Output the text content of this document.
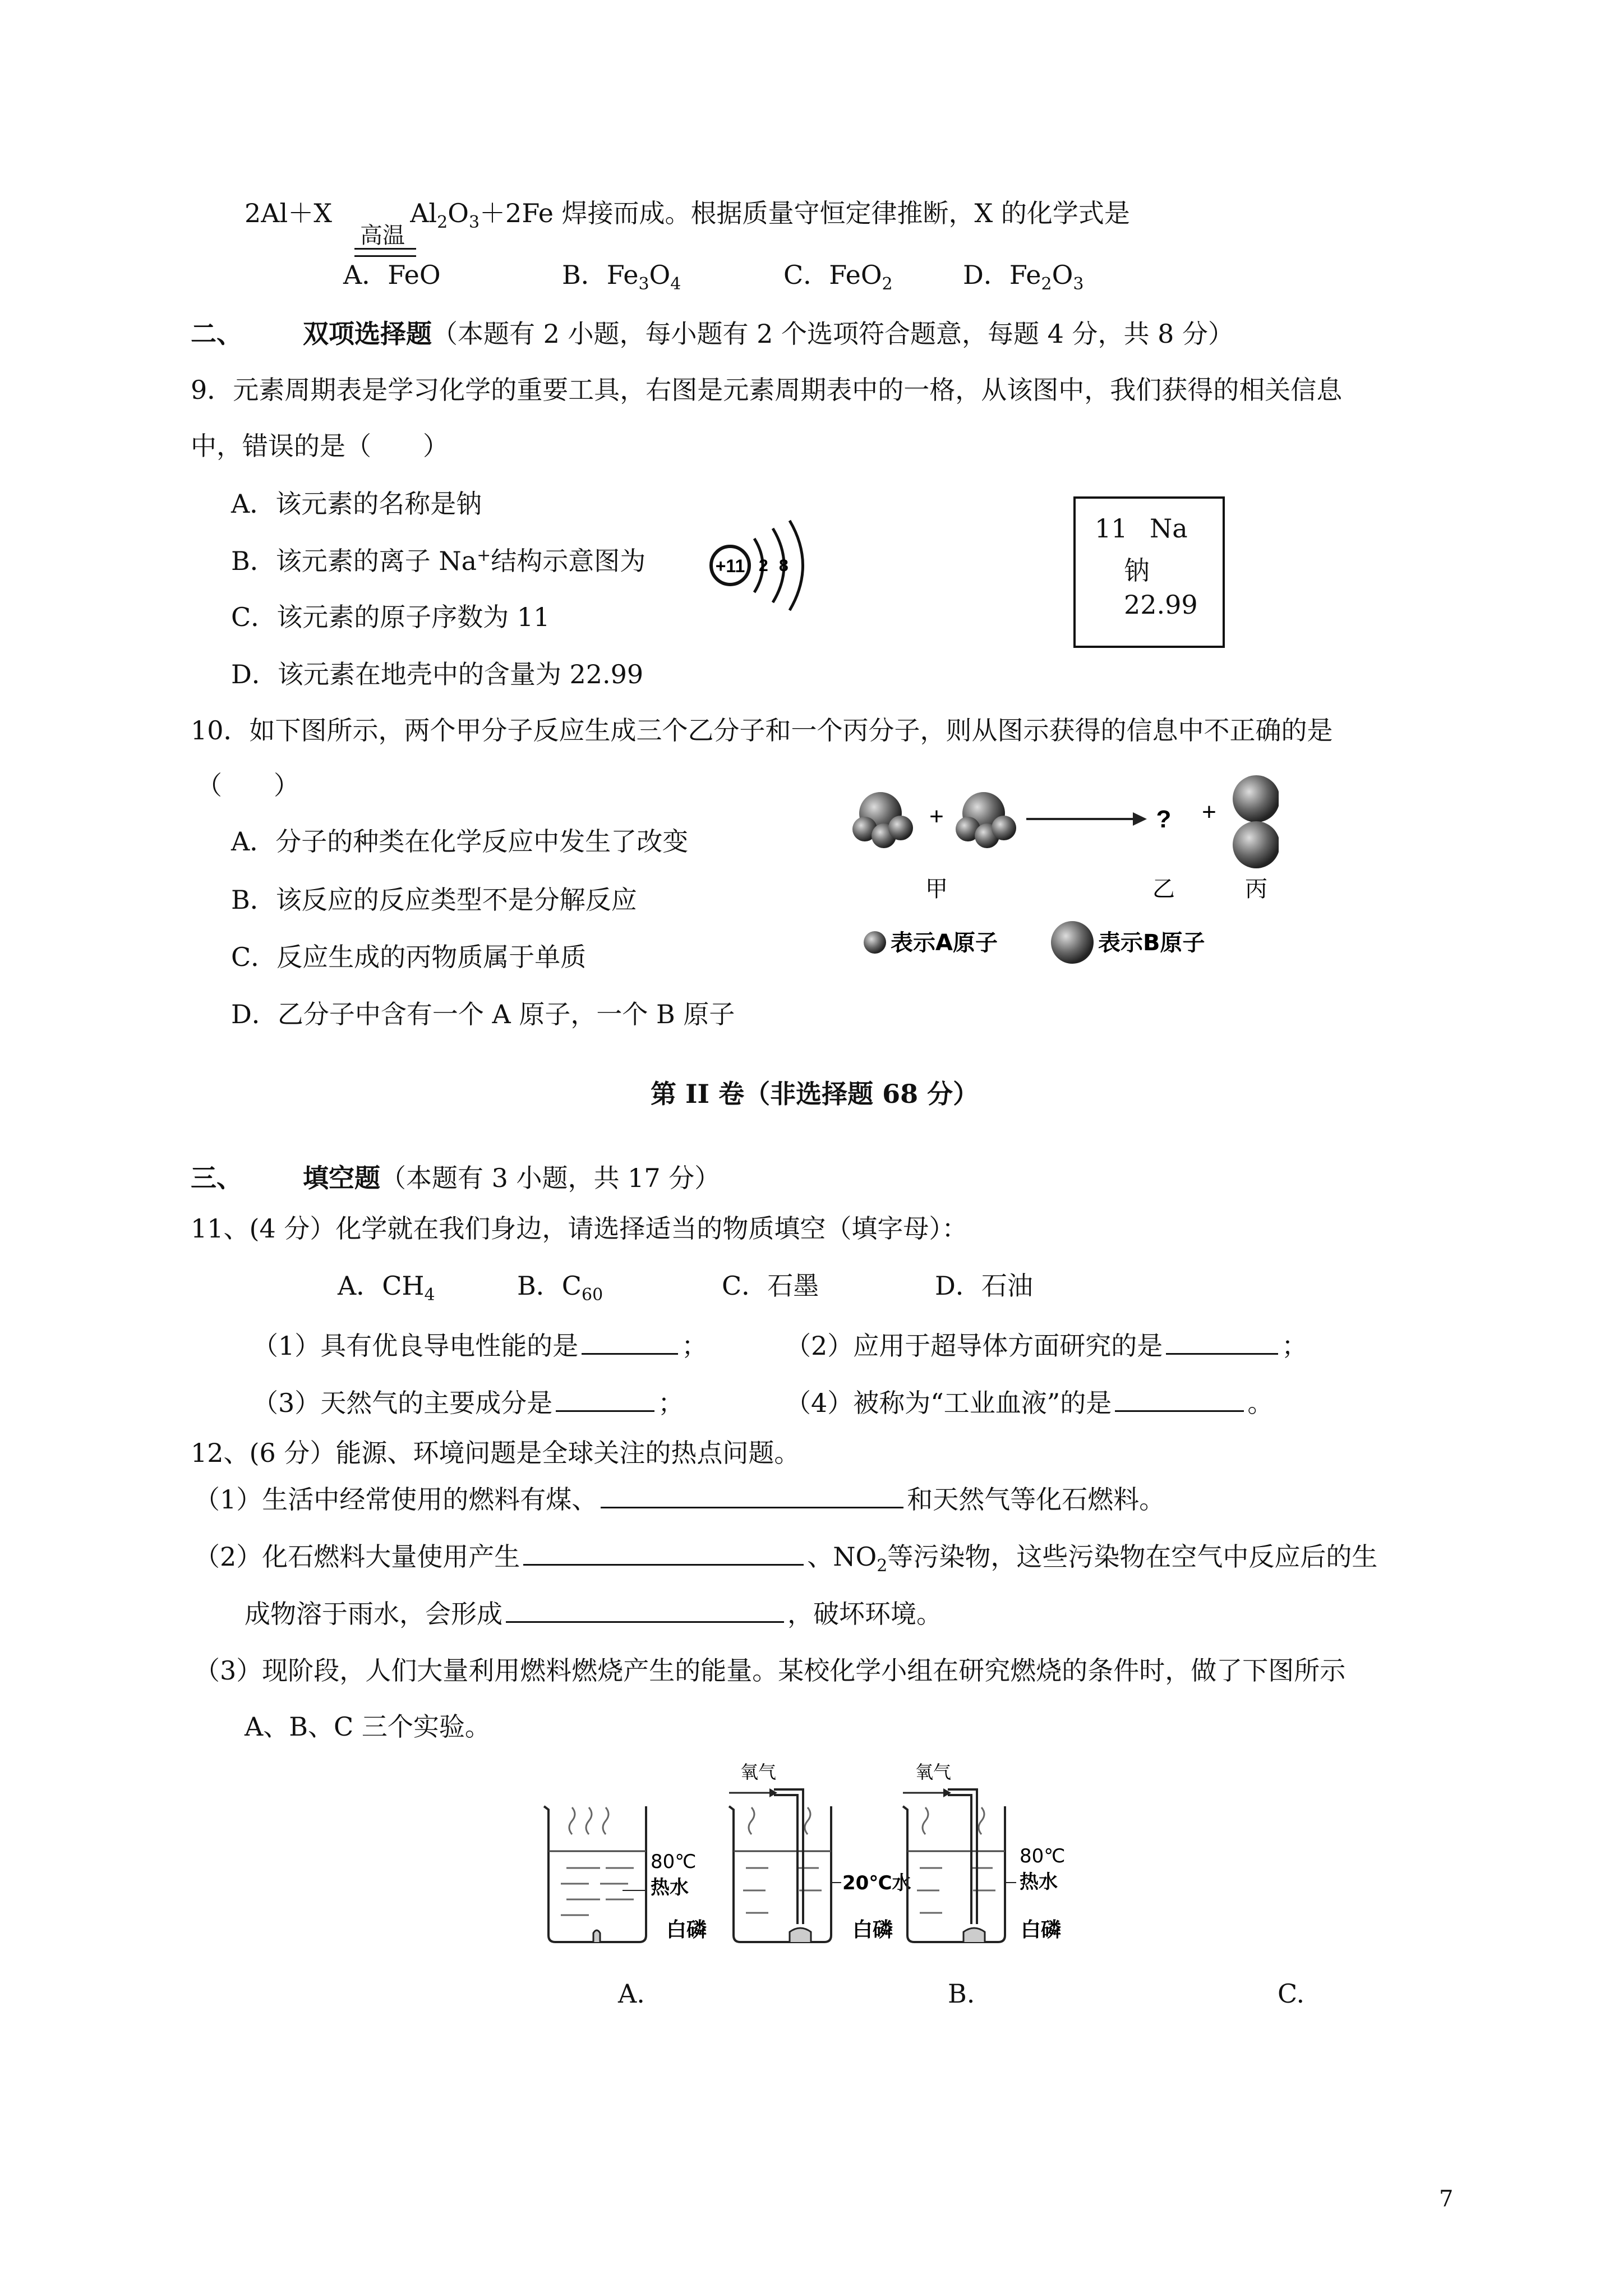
2Al＋X	$Al_2O_3+2Fe$ 焊接而成。根据质量守恒定律推断，X 的化学式是
高温
A．FeO	B．$Fe_3O_4$	C．FeO$_2$	D．$Fe_2O_3$
二、 双项选择题（本题有 2 小题，每小题有 2 个选项符合题意，每题 4 分，共 8 分）
9．元素周期表是学习化学的重要工具，右图是元素周期表中的一格，从该图中，我们获得的相关信息
中，错误的是（　　）
A．该元素的名称是钠
B．该元素的离子 Na+结构示意图为
C．该元素的原子序数为 11
D．该元素在地壳中的含量为 22.99
+11 2 8
11 Na
钠
22.99
10．如下图所示，两个甲分子反应生成三个乙分子和一个丙分子，则从图示获得的信息中不正确的是
（　　）
A．分子的种类在化学反应中发生了改变
B．该反应的反应类型不是分解反应
C．反应生成的丙物质属于单质
D．乙分子中含有一个 A 原子，一个 B 原子
+	? +
甲	乙	丙
表示A原子	表示B原子
第 II 卷（非选择题 68 分）
三、 填空题（本题有 3 小题，共 17 分）
11、(4 分）化学就在我们身边，请选择适当的物质填空（填字母）：
A．$CH_4$	B．$C_{60}$	C．石墨	D．石油
（1）具有优良导电性能的是	；	（2）应用于超导体方面研究的是	；
（3）天然气的主要成分是	；	（4）被称为“工业血液”的是	。
12、(6 分）能源、环境问题是全球关注的热点问题。
（1）生活中经常使用的燃料有煤、	和天然气等化石燃料。
（2）化石燃料大量使用产生	、$NO_2$等污染物，这些污染物在空气中反应后的生
成物溶于雨水，会形成	，破坏环境。
（3）现阶段，人们大量利用燃料燃烧产生的能量。某校化学小组在研究燃烧的条件时，做了下图所示
A、B、C 三个实验。
80℃
热水
白磷
氧气
20℃水
白磷
氧气
80℃
热水
白磷
A.	B.	C.
7
